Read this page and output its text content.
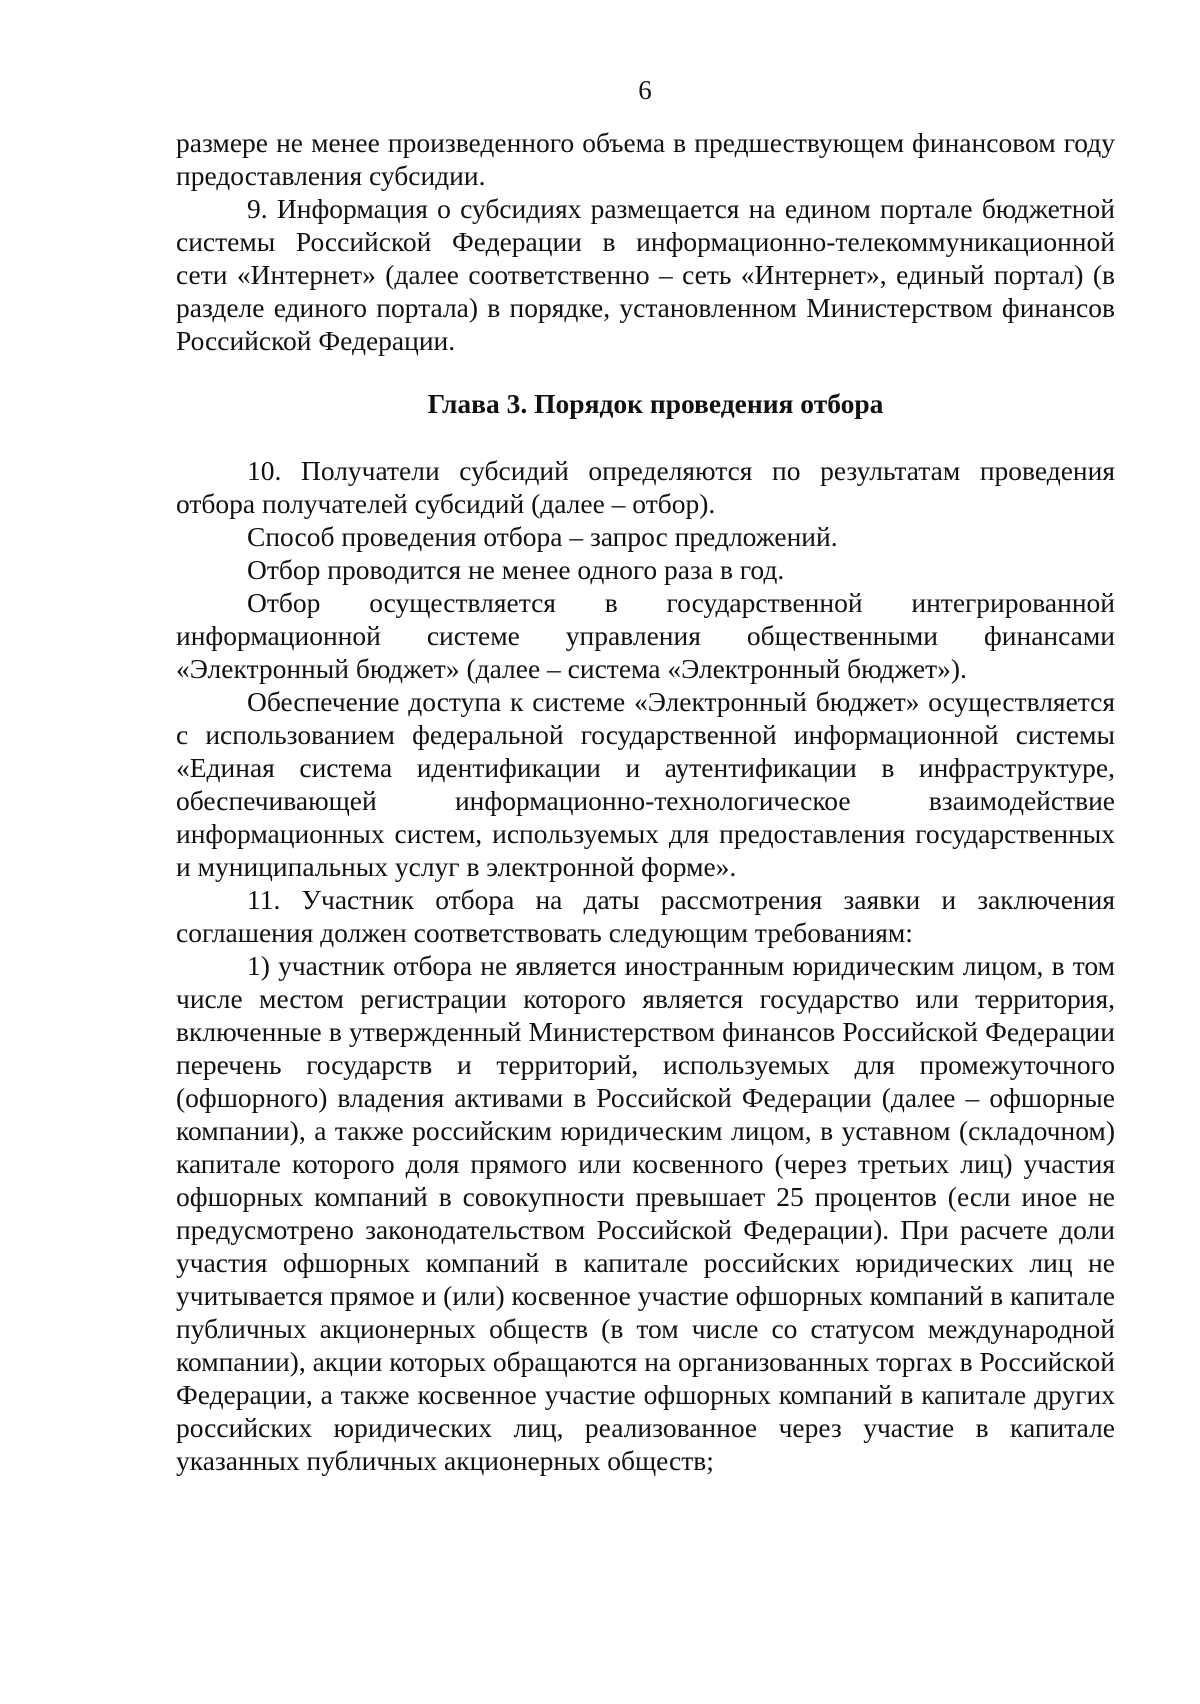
6

размере не менее произведенного объема в предшествующем финансовом году предоставления субсидии.

9. Информация о субсидиях размещается на едином портале бюджетной системы Российской Федерации в информационно-телекоммуникационной сети «Интернет» (далее соответственно – сеть «Интернет», единый портал) (в разделе единого портала) в порядке, установленном Министерством финансов Российской Федерации.

Глава 3. Порядок проведения отбора

10. Получатели субсидий определяются по результатам проведения отбора получателей субсидий (далее – отбор).

Способ проведения отбора – запрос предложений.

Отбор проводится не менее одного раза в год.

Отбор осуществляется в государственной интегрированной информационной системе управления общественными финансами «Электронный бюджет» (далее – система «Электронный бюджет»).

Обеспечение доступа к системе «Электронный бюджет» осуществляется с использованием федеральной государственной информационной системы «Единая система идентификации и аутентификации в инфраструктуре, обеспечивающей информационно-технологическое взаимодействие информационных систем, используемых для предоставления государственных и муниципальных услуг в электронной форме».

11. Участник отбора на даты рассмотрения заявки и заключения соглашения должен соответствовать следующим требованиям:

1) участник отбора не является иностранным юридическим лицом, в том числе местом регистрации которого является государство или территория, включенные в утвержденный Министерством финансов Российской Федерации перечень государств и территорий, используемых для промежуточного (офшорного) владения активами в Российской Федерации (далее – офшорные компании), а также российским юридическим лицом, в уставном (складочном) капитале которого доля прямого или косвенного (через третьих лиц) участия офшорных компаний в совокупности превышает 25 процентов (если иное не предусмотрено законодательством Российской Федерации). При расчете доли участия офшорных компаний в капитале российских юридических лиц не учитывается прямое и (или) косвенное участие офшорных компаний в капитале публичных акционерных обществ (в том числе со статусом международной компании), акции которых обращаются на организованных торгах в Российской Федерации, а также косвенное участие офшорных компаний в капитале других российских юридических лиц, реализованное через участие в капитале указанных публичных акционерных обществ;
